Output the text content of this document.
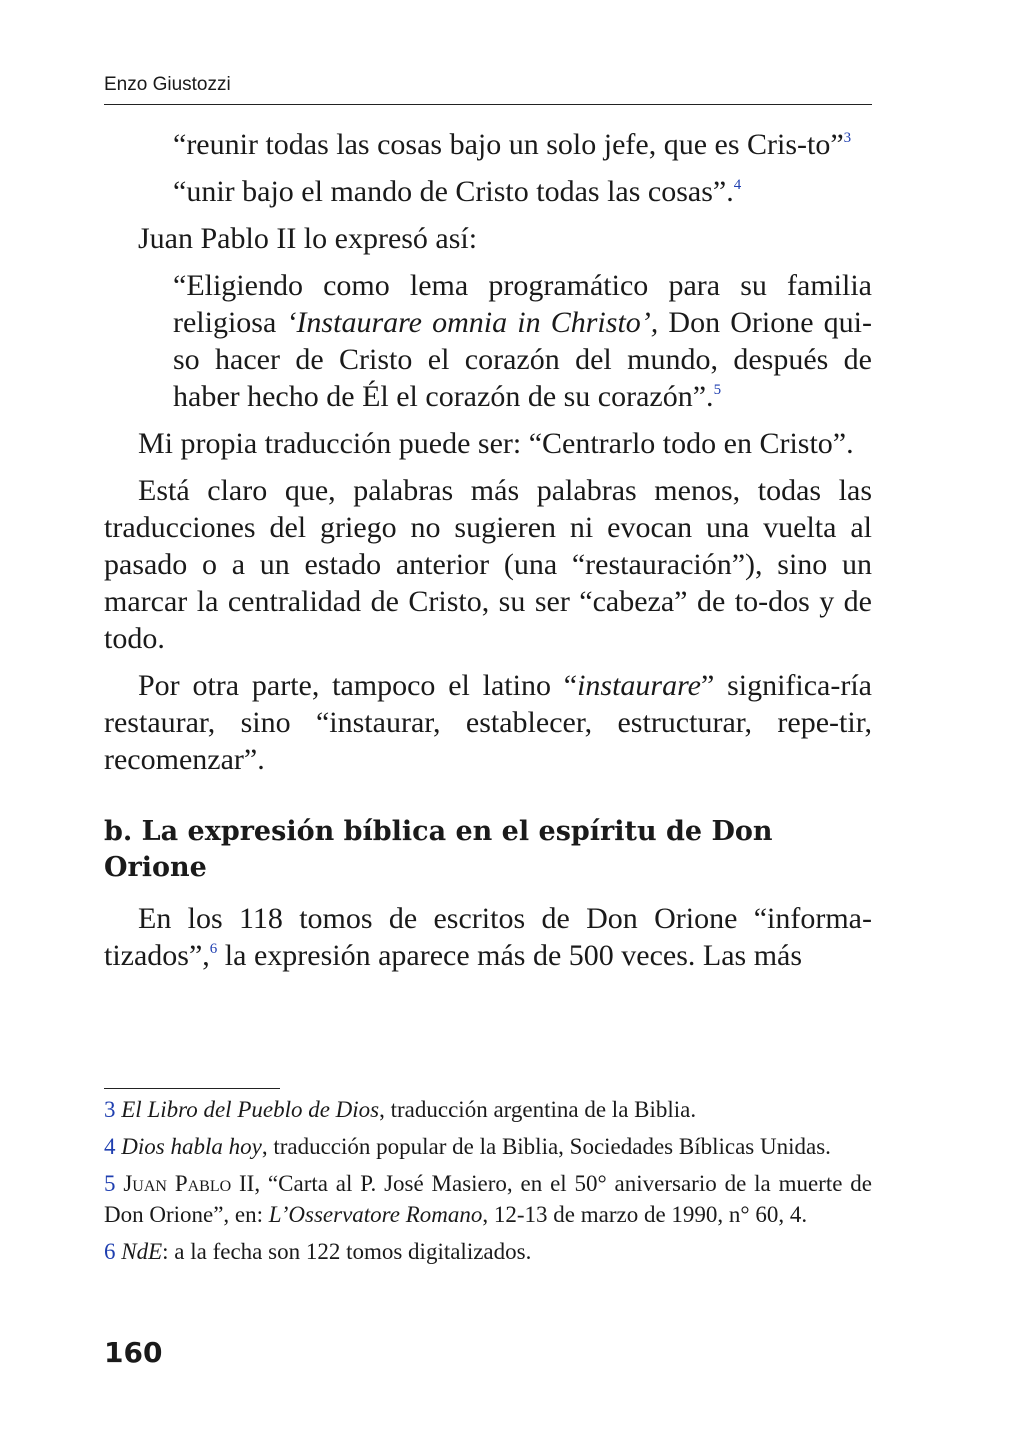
Enzo Giustozzi

“reunir todas las cosas bajo un solo jefe, que es Cris-to”$^3$

“unir bajo el mando de Cristo todas las cosas”.$^4$

Juan Pablo II lo expresó así:

“Eligiendo como lema programático para su familia religiosa ‘Instaurare omnia in Christo’, Don Orione qui-so hacer de Cristo el corazón del mundo, después de haber hecho de Él el corazón de su corazón”.$^5$

Mi propia traducción puede ser: “Centrarlo todo en Cristo”.

Está claro que, palabras más palabras menos, todas las traducciones del griego no sugieren ni evocan una vuelta al pasado o a un estado anterior (una “restauración”), sino un marcar la centralidad de Cristo, su ser “cabeza” de to-dos y de todo.

Por otra parte, tampoco el latino “instaurare” significa-ría restaurar, sino “instaurar, establecer, estructurar, repe-tir, recomenzar”.

b. La expresión bíblica en el espíritu de Don Orione

En los 118 tomos de escritos de Don Orione “informa-tizados”,$^6$ la expresión aparece más de 500 veces. Las más

3 El Libro del Pueblo de Dios, traducción argentina de la Biblia.

4 Dios habla hoy, traducción popular de la Biblia, Sociedades Bíblicas Unidas.

5 Juan Pablo II, “Carta al P. José Masiero, en el 50° aniversario de la muerte de Don Orione”, en: L’Osservatore Romano, 12-13 de marzo de 1990, n° 60, 4.

6 NdE: a la fecha son 122 tomos digitalizados.

160
